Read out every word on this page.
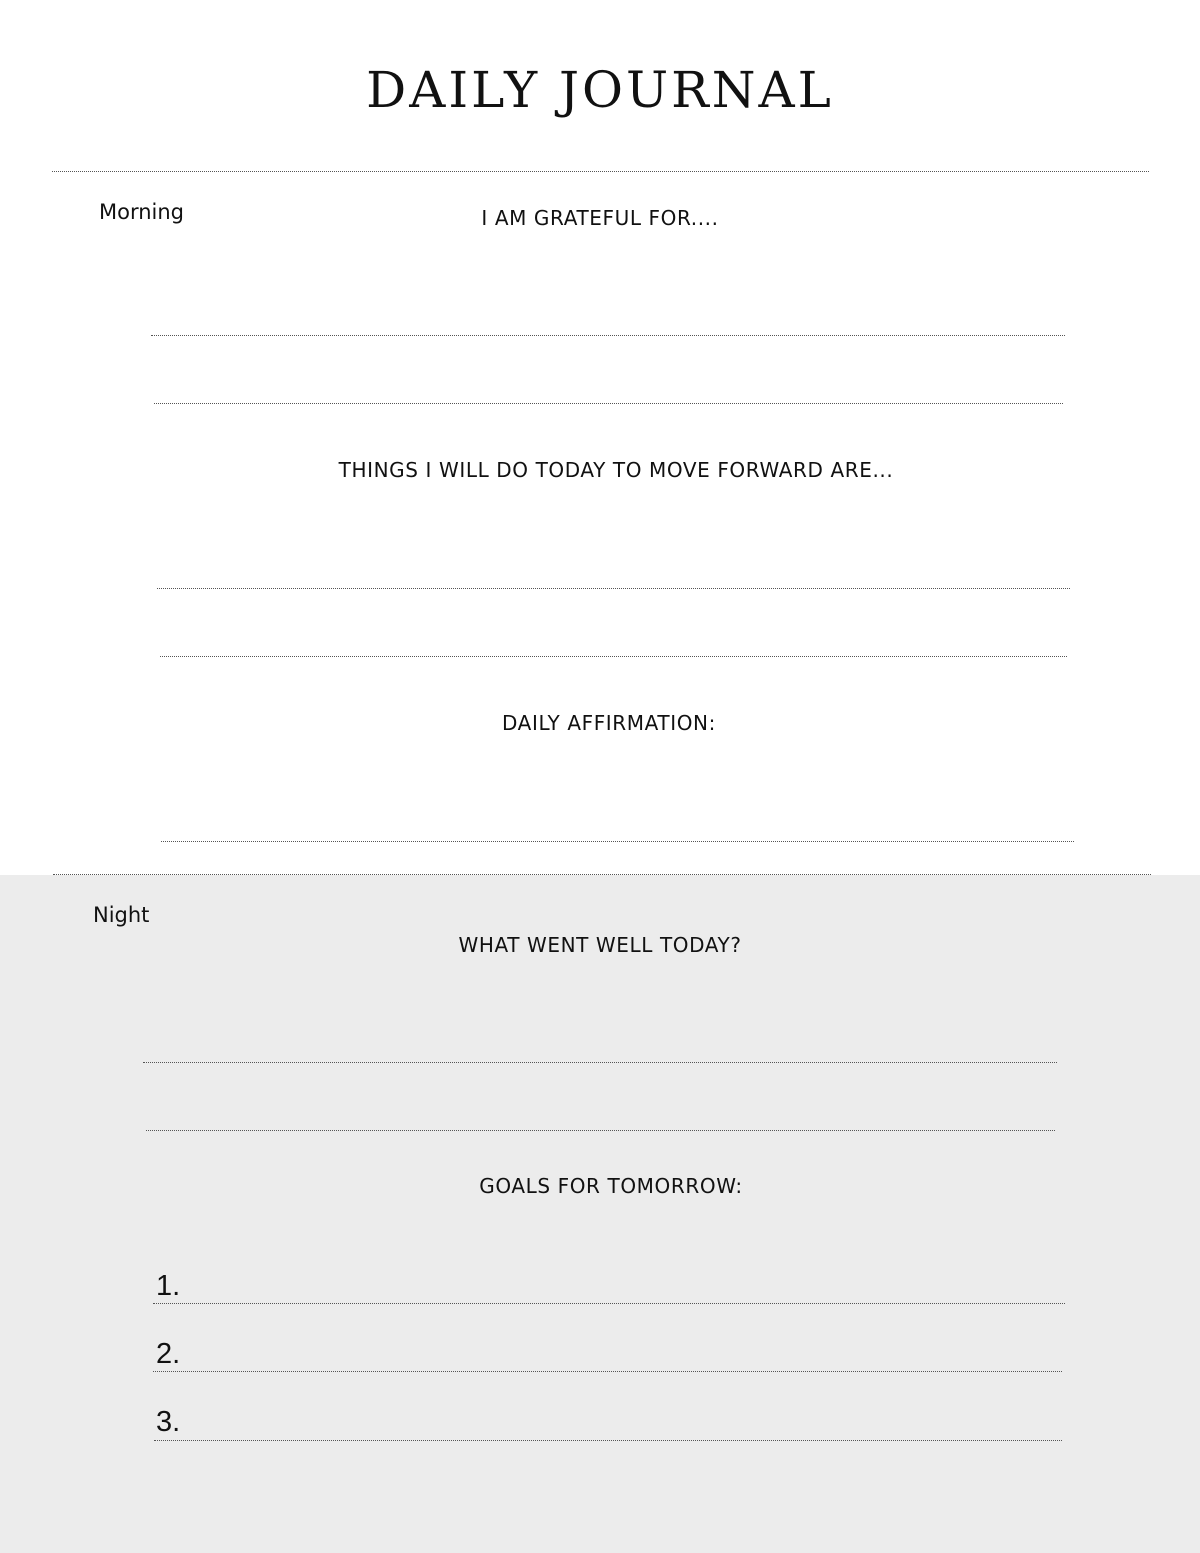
DAILY JOURNAL
Morning	I AM GRATEFUL FOR....
THINGS I WILL DO TODAY TO MOVE FORWARD ARE...
DAILY AFFIRMATION:
Night
WHAT WENT WELL TODAY?
GOALS FOR TOMORROW:
1.
2.
3.
